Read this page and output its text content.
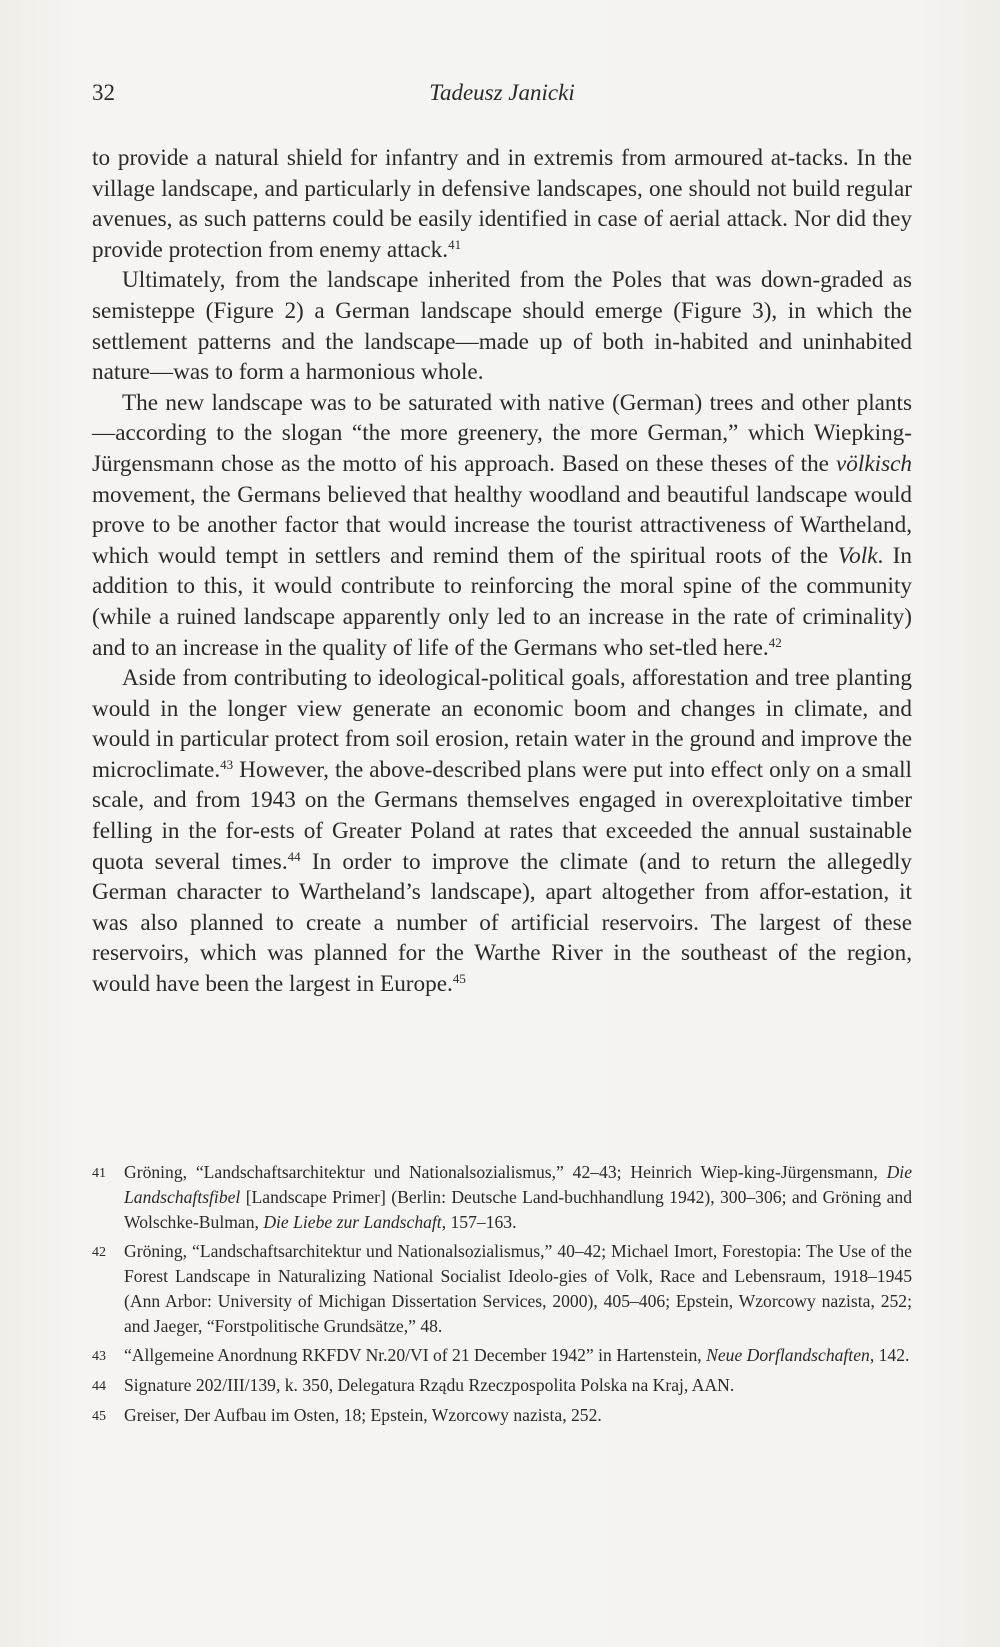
32	Tadeusz Janicki

to provide a natural shield for infantry and in extremis from armoured at-tacks. In the village landscape, and particularly in defensive landscapes, one should not build regular avenues, as such patterns could be easily identified in case of aerial attack. Nor did they provide protection from enemy attack.$^{41}$

Ultimately, from the landscape inherited from the Poles that was down-graded as semisteppe (Figure 2) a German landscape should emerge (Figure 3), in which the settlement patterns and the landscape—made up of both in-habited and uninhabited nature—was to form a harmonious whole.

The new landscape was to be saturated with native (German) trees and other plants—according to the slogan “the more greenery, the more German,” which Wiepking-Jürgensmann chose as the motto of his approach. Based on these theses of the völkisch movement, the Germans believed that healthy woodland and beautiful landscape would prove to be another factor that would increase the tourist attractiveness of Wartheland, which would tempt in settlers and remind them of the spiritual roots of the Volk. In addition to this, it would contribute to reinforcing the moral spine of the community (while a ruined landscape apparently only led to an increase in the rate of criminality) and to an increase in the quality of life of the Germans who set-tled here.$^{42}$

Aside from contributing to ideological-political goals, afforestation and tree planting would in the longer view generate an economic boom and changes in climate, and would in particular protect from soil erosion, retain water in the ground and improve the microclimate.$^{43}$ However, the above-described plans were put into effect only on a small scale, and from 1943 on the Germans themselves engaged in overexploitative timber felling in the for-ests of Greater Poland at rates that exceeded the annual sustainable quota several times.$^{44}$ In order to improve the climate (and to return the allegedly German character to Wartheland’s landscape), apart altogether from affor-estation, it was also planned to create a number of artificial reservoirs. The largest of these reservoirs, which was planned for the Warthe River in the southeast of the region, would have been the largest in Europe.$^{45}$

41	Gröning, “Landschaftsarchitektur und Nationalsozialismus,” 42–43; Heinrich Wiep-king-Jürgensmann, Die Landschaftsfibel [Landscape Primer] (Berlin: Deutsche Land-buchhandlung 1942), 300–306; and Gröning and Wolschke-Bulman, Die Liebe zur Landschaft, 157–163.
42	Gröning, “Landschaftsarchitektur und Nationalsozialismus,” 40–42; Michael Imort, Forestopia: The Use of the Forest Landscape in Naturalizing National Socialist Ideolo-gies of Volk, Race and Lebensraum, 1918–1945 (Ann Arbor: University of Michigan Dissertation Services, 2000), 405–406; Epstein, Wzorcowy nazista, 252; and Jaeger, “Forstpolitische Grundsätze,” 48.
43	“Allgemeine Anordnung RKFDV Nr.20/VI of 21 December 1942” in Hartenstein, Neue Dorflandschaften, 142.
44	Signature 202/III/139, k. 350, Delegatura Rządu Rzeczpospolita Polska na Kraj, AAN.
45	Greiser, Der Aufbau im Osten, 18; Epstein, Wzorcowy nazista, 252.
